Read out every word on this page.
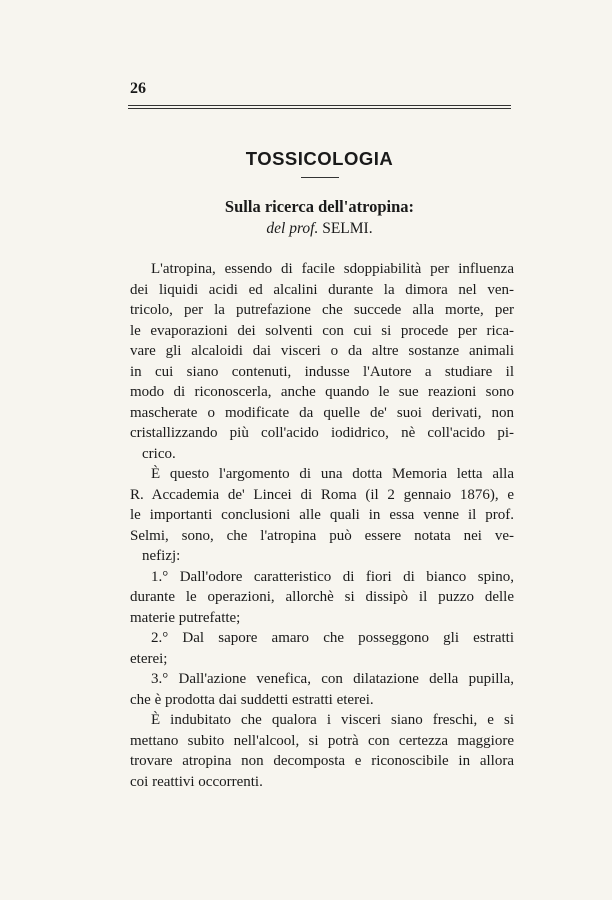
26
TOSSICOLOGIA
Sulla ricerca dell'atropina:
del prof. SELMI.
L'atropina, essendo di facile sdoppiabilità per influenza
dei liquidi acidi ed alcalini durante la dimora nel ven-
tricolo, per la putrefazione che succede alla morte, per
le evaporazioni dei solventi con cui si procede per rica-
vare gli alcaloidi dai visceri o da altre sostanze animali
in cui siano contenuti, indusse l'Autore a studiare il
modo di riconoscerla, anche quando le sue reazioni sono
mascherate o modificate da quelle de' suoi derivati, non
cristallizzando più coll'acido iodidrico, nè coll'acido pi-
crico.
È questo l'argomento di una dotta Memoria letta alla
R. Accademia de' Lincei di Roma (il 2 gennaio 1876), e
le importanti conclusioni alle quali in essa venne il prof.
Selmi, sono, che l'atropina può essere notata nei ve-
nefizj:
1.° Dall'odore caratteristico di fiori di bianco spino,
durante le operazioni, allorchè si dissipò il puzzo delle
materie putrefatte;
2.° Dal sapore amaro che posseggono gli estratti
eterei;
3.° Dall'azione venefica, con dilatazione della pupilla,
che è prodotta dai suddetti estratti eterei.
È indubitato che qualora i visceri siano freschi, e si
mettano subito nell'alcool, si potrà con certezza maggiore
trovare atropina non decomposta e riconoscibile in allora
coi reattivi occorrenti.
